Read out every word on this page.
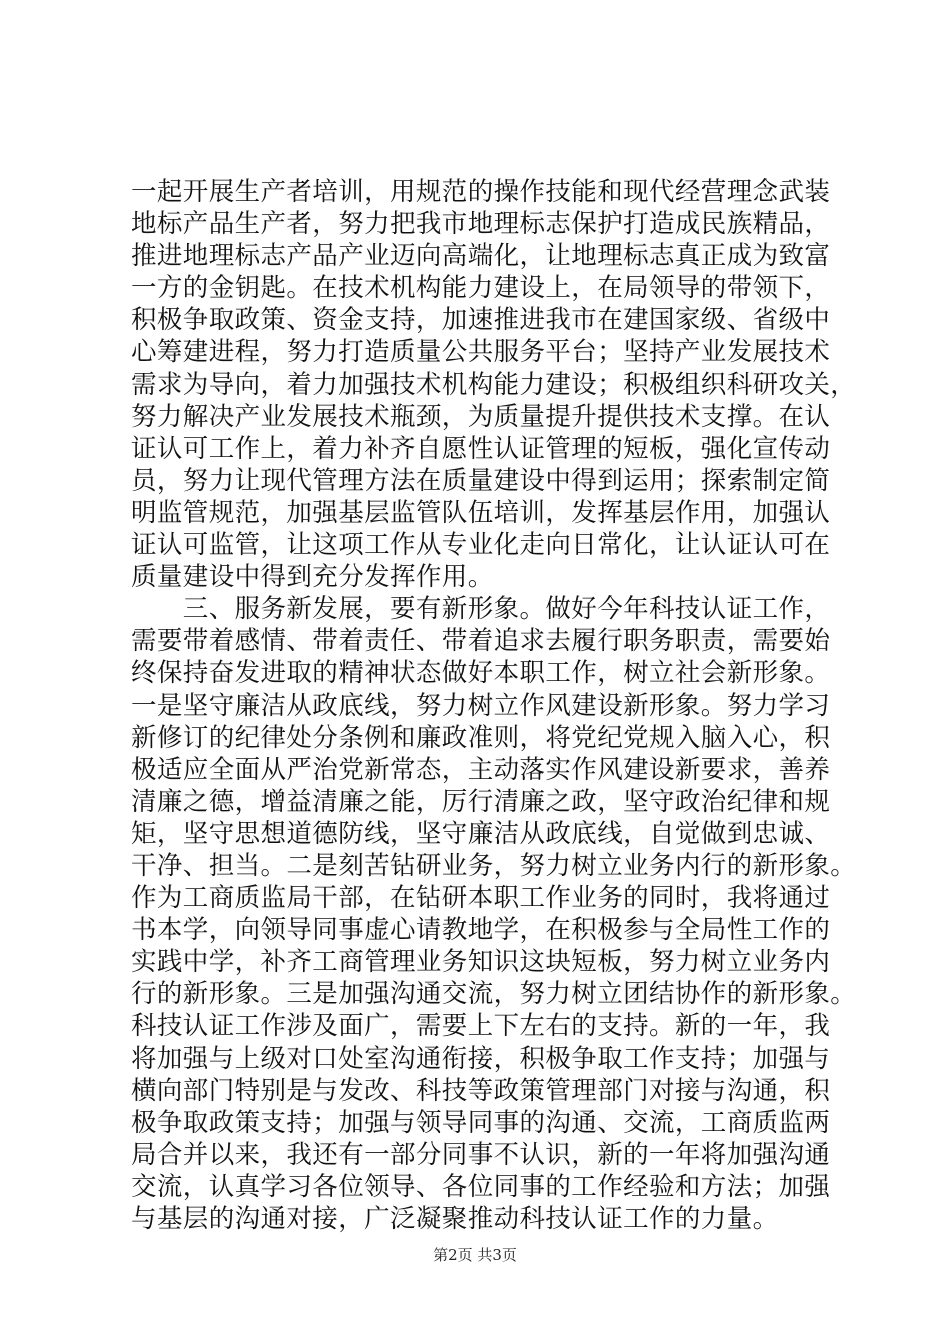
一起开展生产者培训，用规范的操作技能和现代经营理念武装
地标产品生产者，努力把我市地理标志保护打造成民族精品，
推进地理标志产品产业迈向高端化，让地理标志真正成为致富
一方的金钥匙。在技术机构能力建设上，在局领导的带领下，
积极争取政策、资金支持，加速推进我市在建国家级、省级中
心筹建进程，努力打造质量公共服务平台；坚持产业发展技术
需求为导向，着力加强技术机构能力建设；积极组织科研攻关，
努力解决产业发展技术瓶颈，为质量提升提供技术支撑。在认
证认可工作上，着力补齐自愿性认证管理的短板，强化宣传动
员，努力让现代管理方法在质量建设中得到运用；探索制定简
明监管规范，加强基层监管队伍培训，发挥基层作用，加强认
证认可监管，让这项工作从专业化走向日常化，让认证认可在
质量建设中得到充分发挥作用。
　　三、服务新发展，要有新形象。做好今年科技认证工作，
需要带着感情、带着责任、带着追求去履行职务职责，需要始
终保持奋发进取的精神状态做好本职工作，树立社会新形象。
一是坚守廉洁从政底线，努力树立作风建设新形象。努力学习
新修订的纪律处分条例和廉政准则，将党纪党规入脑入心，积
极适应全面从严治党新常态，主动落实作风建设新要求，善养
清廉之德，增益清廉之能，厉行清廉之政，坚守政治纪律和规
矩，坚守思想道德防线，坚守廉洁从政底线，自觉做到忠诚、
干净、担当。二是刻苦钻研业务，努力树立业务内行的新形象。
作为工商质监局干部，在钻研本职工作业务的同时，我将通过
书本学，向领导同事虚心请教地学，在积极参与全局性工作的
实践中学，补齐工商管理业务知识这块短板，努力树立业务内
行的新形象。三是加强沟通交流，努力树立团结协作的新形象。
科技认证工作涉及面广，需要上下左右的支持。新的一年，我
将加强与上级对口处室沟通衔接，积极争取工作支持；加强与
横向部门特别是与发改、科技等政策管理部门对接与沟通，积
极争取政策支持；加强与领导同事的沟通、交流，工商质监两
局合并以来，我还有一部分同事不认识，新的一年将加强沟通
交流，认真学习各位领导、各位同事的工作经验和方法；加强
与基层的沟通对接，广泛凝聚推动科技认证工作的力量。
第2页 共3页
